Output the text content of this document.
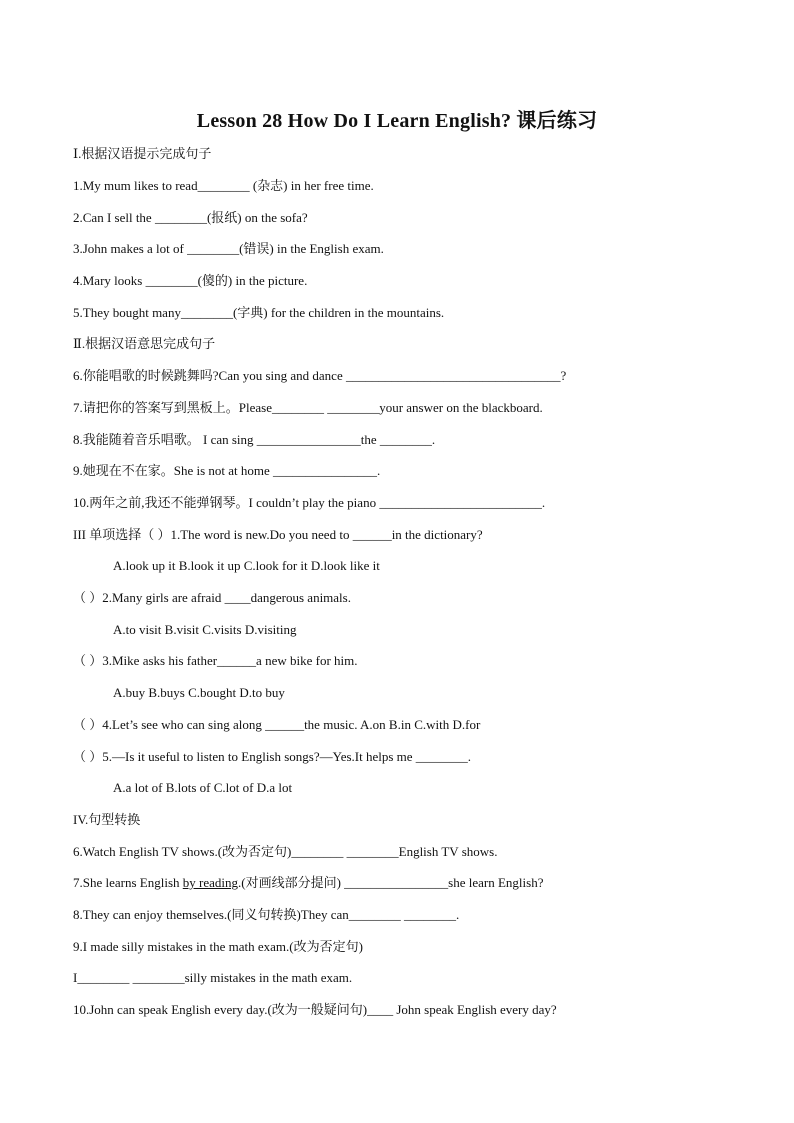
Lesson 28 How Do I Learn English? 课后练习

Ⅰ.根据汉语提示完成句子

1.My mum likes to read________ (杂志) in her free time.

2.Can I sell the ________(报纸) on the sofa?

3.John makes a lot of ________(错误) in the English exam.

4.Mary looks ________(傻的) in the picture.

5.They bought many________(字典) for the children in the mountains.

Ⅱ.根据汉语意思完成句子

6.你能唱歌的时候跳舞吗?Can you sing and dance _________________________________?

7.请把你的答案写到黑板上。Please________ ________your answer on the blackboard.

8.我能随着音乐唱歌。 I can sing ________________the ________.

9.她现在不在家。She is not at home ________________.

10.两年之前,我还不能弹钢琴。I couldn’t play the piano _________________________.

III 单项选择（ ）1.The word is new.Do you need to ______in the dictionary?

A.look up it B.look it up C.look for it D.look like it

（ ）2.Many girls are afraid ____dangerous animals.

A.to visit B.visit C.visits D.visiting

（ ）3.Mike asks his father______a new bike for him.

A.buy B.buys C.bought D.to buy

（ ）4.Let’s see who can sing along ______the music. A.on B.in C.with D.for

（ ）5.—Is it useful to listen to English songs?—Yes.It helps me ________.

A.a lot of B.lots of C.lot of D.a lot

IV.句型转换

6.Watch English TV shows.(改为否定句)________ ________English TV shows.

8.They can enjoy themselves.(同义句转换)They can________ ________.

9.I made silly mistakes in the math exam.(改为否定句)

I________ ________silly mistakes in the math exam.

10.John can speak English every day.(改为一般疑问句)____ John speak English every day?

7.She learns English by reading.(对画线部分提问) ________________she learn English?
